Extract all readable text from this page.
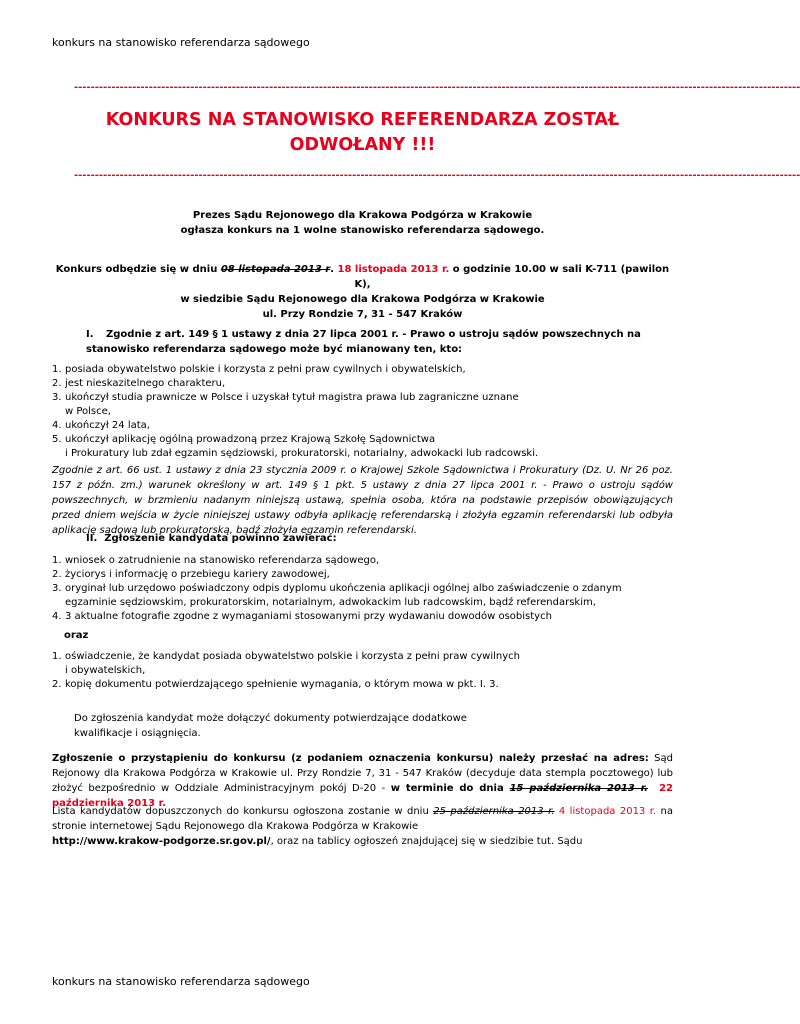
konkurs na stanowisko referendarza sądowego
-------------------------------------------------------------------------------------------------------------------------------------------------------------------------------
KONKURS NA STANOWISKO REFERENDARZA ZOSTAŁ ODWOŁANY !!!
-------------------------------------------------------------------------------------------------------------------------------------------------------------------------------
Prezes Sądu Rejonowego dla Krakowa Podgórza w Krakowie
ogłasza konkurs na 1 wolne stanowisko referendarza sądowego.
Konkurs odbędzie się w dniu 08 listopada 2013 r. 18 listopada 2013 r. o godzinie 10.00 w sali K-711 (pawilon K),
w siedzibie Sądu Rejonowego dla Krakowa Podgórza w Krakowie
ul. Przy Rondzie 7, 31 - 547 Kraków
I. Zgodnie z art. 149 § 1 ustawy z dnia 27 lipca 2001 r. - Prawo o ustroju sądów powszechnych na stanowisko referendarza sądowego może być mianowany ten, kto:
1. posiada obywatelstwo polskie i korzysta z pełni praw cywilnych i obywatelskich,
2. jest nieskazitelnego charakteru,
3. ukończył studia prawnicze w Polsce i uzyskał tytuł magistra prawa lub zagraniczne uznane
w Polsce,
4. ukończył 24 lata,
5. ukończył aplikację ogólną prowadzoną przez Krajową Szkołę Sądownictwa
i Prokuratury lub zdał egzamin sędziowski, prokuratorski, notarialny, adwokacki lub radcowski.
Zgodnie z art. 66 ust. 1 ustawy z dnia 23 stycznia 2009 r. o Krajowej Szkole Sądownictwa i Prokuratury (Dz. U. Nr 26 poz. 157 z późn. zm.) warunek określony w art. 149 § 1 pkt. 5 ustawy z dnia 27 lipca 2001 r. - Prawo o ustroju sądów powszechnych, w brzmieniu nadanym niniejszą ustawą, spełnia osoba, która na podstawie przepisów obowiązujących przed dniem wejścia w życie niniejszej ustawy odbyła aplikację referendarską i złożyła egzamin referendarski lub odbyła aplikację sądową lub prokuratorską, bądź złożyła egzamin referendarski.
II. Zgłoszenie kandydata powinno zawierać:
1. wniosek o zatrudnienie na stanowisko referendarza sądowego,
2. życiorys i informację o przebiegu kariery zawodowej,
3. oryginał lub urzędowo poświadczony odpis dyplomu ukończenia aplikacji ogólnej albo zaświadczenie o zdanym egzaminie sędziowskim, prokuratorskim, notarialnym, adwokackim lub radcowskim, bądź referendarskim,
4. 3 aktualne fotografie zgodne z wymaganiami stosowanymi przy wydawaniu dowodów osobistych
oraz
1. oświadczenie, że kandydat posiada obywatelstwo polskie i korzysta z pełni praw cywilnych
i obywatelskich,
2. kopię dokumentu potwierdzającego spełnienie wymagania, o którym mowa w pkt. I. 3.
Do zgłoszenia kandydat może dołączyć dokumenty potwierdzające dodatkowe kwalifikacje i osiągnięcia.
Zgłoszenie o przystąpieniu do konkursu (z podaniem oznaczenia konkursu) należy przesłać na adres: Sąd Rejonowy dla Krakowa Podgórza w Krakowie ul. Przy Rondzie 7, 31 - 547 Kraków (decyduje data stempla pocztowego) lub złożyć bezpośrednio w Oddziale Administracyjnym pokój D-20 - w terminie do dnia 15 października 2013 r. 22 października 2013 r.
Lista kandydatów dopuszczonych do konkursu ogłoszona zostanie w dniu 25 października 2013 r. 4 listopada 2013 r. na stronie internetowej Sądu Rejonowego dla Krakowa Podgórza w Krakowie
http://www.krakow-podgorze.sr.gov.pl/, oraz na tablicy ogłoszeń znajdującej się w siedzibie tut. Sądu
konkurs na stanowisko referendarza sądowego
